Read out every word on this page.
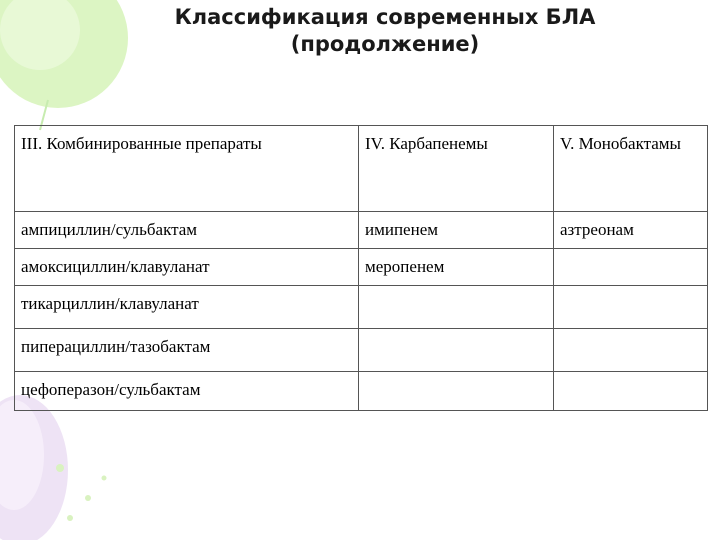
Классификация современных БЛА
(продолжение)
III. Комбинированные препараты	IV. Карбапенемы	V. Монобактамы
ампициллин/сульбактам	имипенем	азтреонам
амоксициллин/клавуланат	меропенем	
тикарциллин/клавуланат		
пиперациллин/тазобактам		
цефоперазон/сульбактам		
